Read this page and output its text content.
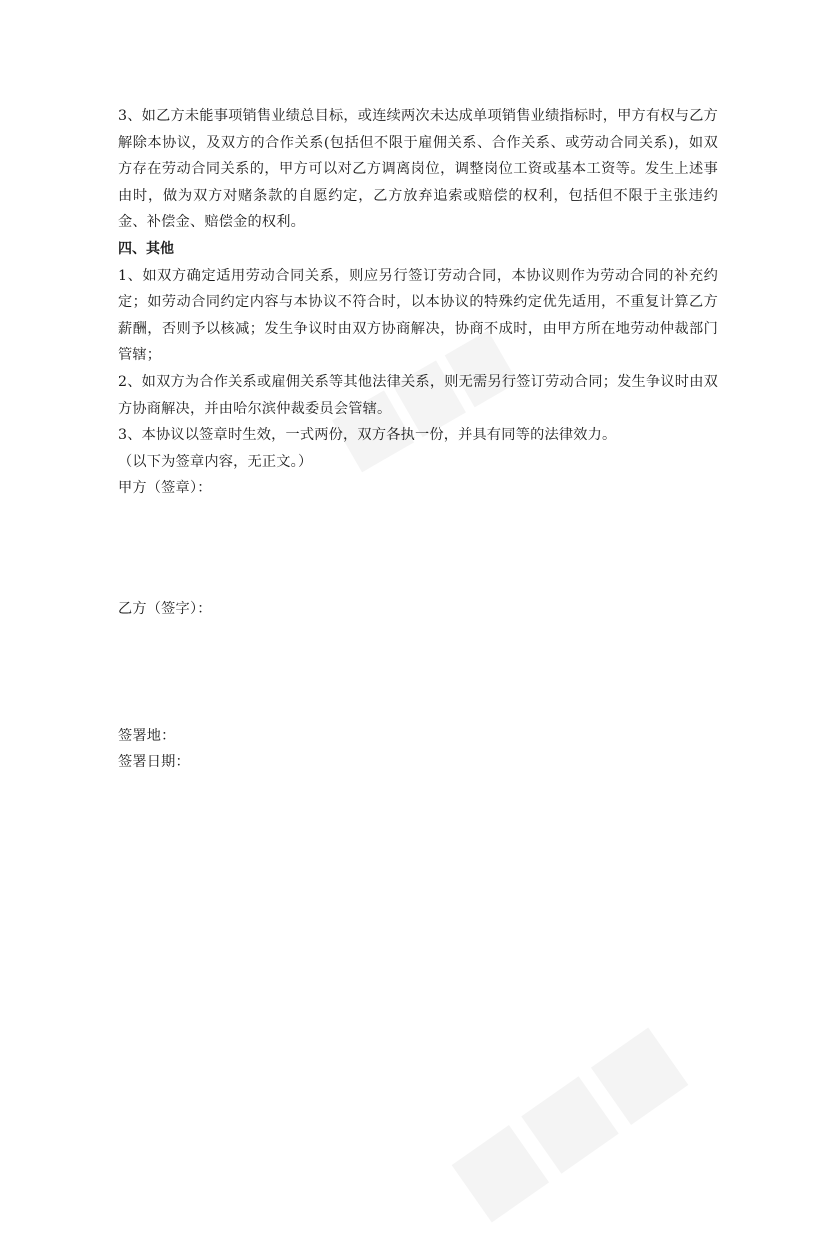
3、如乙方未能事项销售业绩总目标，或连续两次未达成单项销售业绩指标时，甲方有权与乙方解除本协议，及双方的合作关系(包括但不限于雇佣关系、合作关系、或劳动合同关系)，如双方存在劳动合同关系的，甲方可以对乙方调离岗位，调整岗位工资或基本工资等。发生上述事由时，做为双方对赌条款的自愿约定，乙方放弃追索或赔偿的权利，包括但不限于主张违约金、补偿金、赔偿金的权利。

四、其他

1、如双方确定适用劳动合同关系，则应另行签订劳动合同，本协议则作为劳动合同的补充约定；如劳动合同约定内容与本协议不符合时，以本协议的特殊约定优先适用，不重复计算乙方薪酬，否则予以核减；发生争议时由双方协商解决，协商不成时，由甲方所在地劳动仲裁部门管辖；

2、如双方为合作关系或雇佣关系等其他法律关系，则无需另行签订劳动合同；发生争议时由双方协商解决，并由哈尔滨仲裁委员会管辖。

3、本协议以签章时生效，一式两份，双方各执一份，并具有同等的法律效力。

（以下为签章内容，无正文。）

甲方（签章）：

乙方（签字）：

签署地：

签署日期：
